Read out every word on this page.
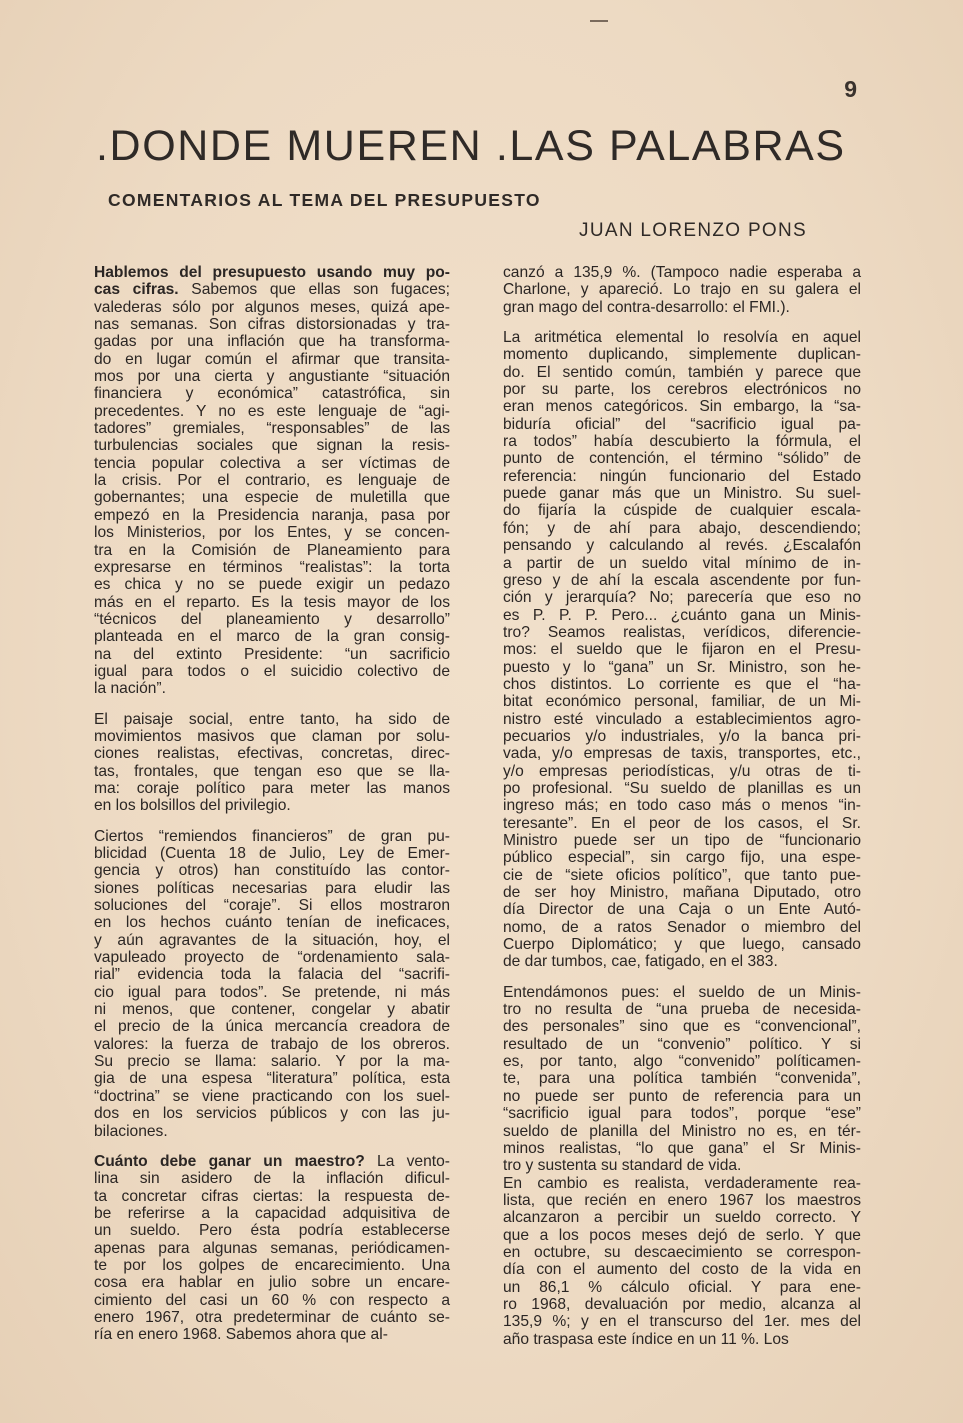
9
.DONDE MUEREN .LAS PALABRAS
COMENTARIOS AL TEMA DEL PRESUPUESTO
JUAN LORENZO PONS

Hablemos del presupuesto usando muy po-
cas cifras. Sabemos que ellas son fugaces;
valederas sólo por algunos meses, quizá ape-
nas semanas. Son cifras distorsionadas y tra-
gadas por una inflación que ha transforma-
do en lugar común el afirmar que transita-
mos por una cierta y angustiante “situación
financiera y económica” catastrófica, sin
precedentes. Y no es este lenguaje de “agi-
tadores” gremiales, “responsables” de las
turbulencias sociales que signan la resis-
tencia popular colectiva a ser víctimas de
la crisis. Por el contrario, es lenguaje de
gobernantes; una especie de muletilla que
empezó en la Presidencia naranja, pasa por
los Ministerios, por los Entes, y se concen-
tra en la Comisión de Planeamiento para
expresarse en términos “realistas”: la torta
es chica y no se puede exigir un pedazo
más en el reparto. Es la tesis mayor de los
“técnicos del planeamiento y desarrollo”
planteada en el marco de la gran consig-
na del extinto Presidente: “un sacrificio
igual para todos o el suicidio colectivo de
la nación”.

El paisaje social, entre tanto, ha sido de
movimientos masivos que claman por solu-
ciones realistas, efectivas, concretas, direc-
tas, frontales, que tengan eso que se lla-
ma: coraje político para meter las manos
en los bolsillos del privilegio.

Ciertos “remiendos financieros” de gran pu-
blicidad (Cuenta 18 de Julio, Ley de Emer-
gencia y otros) han constituído las contor-
siones políticas necesarias para eludir las
soluciones del “coraje”. Si ellos mostraron
en los hechos cuánto tenían de ineficaces,
y aún agravantes de la situación, hoy, el
vapuleado proyecto de “ordenamiento sala-
rial” evidencia toda la falacia del “sacrifi-
cio igual para todos”. Se pretende, ni más
ni menos, que contener, congelar y abatir
el precio de la única mercancía creadora de
valores: la fuerza de trabajo de los obreros.
Su precio se llama: salario. Y por la ma-
gia de una espesa “literatura” política, esta
“doctrina” se viene practicando con los suel-
dos en los servicios públicos y con las ju-
bilaciones.

Cuánto debe ganar un maestro? La vento-
lina sin asidero de la inflación dificul-
ta concretar cifras ciertas: la respuesta de-
be referirse a la capacidad adquisitiva de
un sueldo. Pero ésta podría establecerse
apenas para algunas semanas, periódicamen-
te por los golpes de encarecimiento. Una
cosa era hablar en julio sobre un encare-
cimiento del casi un 60 % con respecto a
enero 1967, otra predeterminar de cuánto se-
ría en enero 1968. Sabemos ahora que al-

canzó a 135,9 %. (Tampoco nadie esperaba a
Charlone, y apareció. Lo trajo en su galera el
gran mago del contra-desarrollo: el FMI.).

La aritmética elemental lo resolvía en aquel
momento duplicando, simplemente duplican-
do. El sentido común, también y parece que
por su parte, los cerebros electrónicos no
eran menos categóricos. Sin embargo, la “sa-
biduría oficial” del “sacrificio igual pa-
ra todos” había descubierto la fórmula, el
punto de contención, el término “sólido” de
referencia: ningún funcionario del Estado
puede ganar más que un Ministro. Su suel-
do fijaría la cúspide de cualquier escala-
fón; y de ahí para abajo, descendiendo;
pensando y calculando al revés. ¿Escalafón
a partir de un sueldo vital mínimo de in-
greso y de ahí la escala ascendente por fun-
ción y jerarquía? No; parecería que eso no
es P. P. P. Pero... ¿cuánto gana un Minis-
tro? Seamos realistas, verídicos, diferencie-
mos: el sueldo que le fijaron en el Presu-
puesto y lo “gana” un Sr. Ministro, son he-
chos distintos. Lo corriente es que el “ha-
bitat económico personal, familiar, de un Mi-
nistro esté vinculado a establecimientos agro-
pecuarios y/o industriales, y/o la banca pri-
vada, y/o empresas de taxis, transportes, etc.,
y/o empresas periodísticas, y/u otras de ti-
po profesional. “Su sueldo de planillas es un
ingreso más; en todo caso más o menos “in-
teresante”. En el peor de los casos, el Sr.
Ministro puede ser un tipo de “funcionario
público especial”, sin cargo fijo, una espe-
cie de “siete oficios político”, que tanto pue-
de ser hoy Ministro, mañana Diputado, otro
día Director de una Caja o un Ente Autó-
nomo, de a ratos Senador o miembro del
Cuerpo Diplomático; y que luego, cansado
de dar tumbos, cae, fatigado, en el 383.

Entendámonos pues: el sueldo de un Minis-
tro no resulta de “una prueba de necesida-
des personales” sino que es “convencional”,
resultado de un “convenio” político. Y si
es, por tanto, algo “convenido” políticamen-
te, para una política también “convenida”,
no puede ser punto de referencia para un
“sacrificio igual para todos”, porque “ese”
sueldo de planilla del Ministro no es, en tér-
minos realistas, “lo que gana” el Sr Minis-
tro y sustenta su standard de vida.

En cambio es realista, verdaderamente rea-
lista, que recién en enero 1967 los maestros
alcanzaron a percibir un sueldo correcto. Y
que a los pocos meses dejó de serlo. Y que
en octubre, su descaecimiento se correspon-
día con el aumento del costo de la vida en
un 86,1 % cálculo oficial. Y para ene-
ro 1968, devaluación por medio, alcanza al
135,9 %; y en el transcurso del 1er. mes del
año traspasa este índice en un 11 %. Los
